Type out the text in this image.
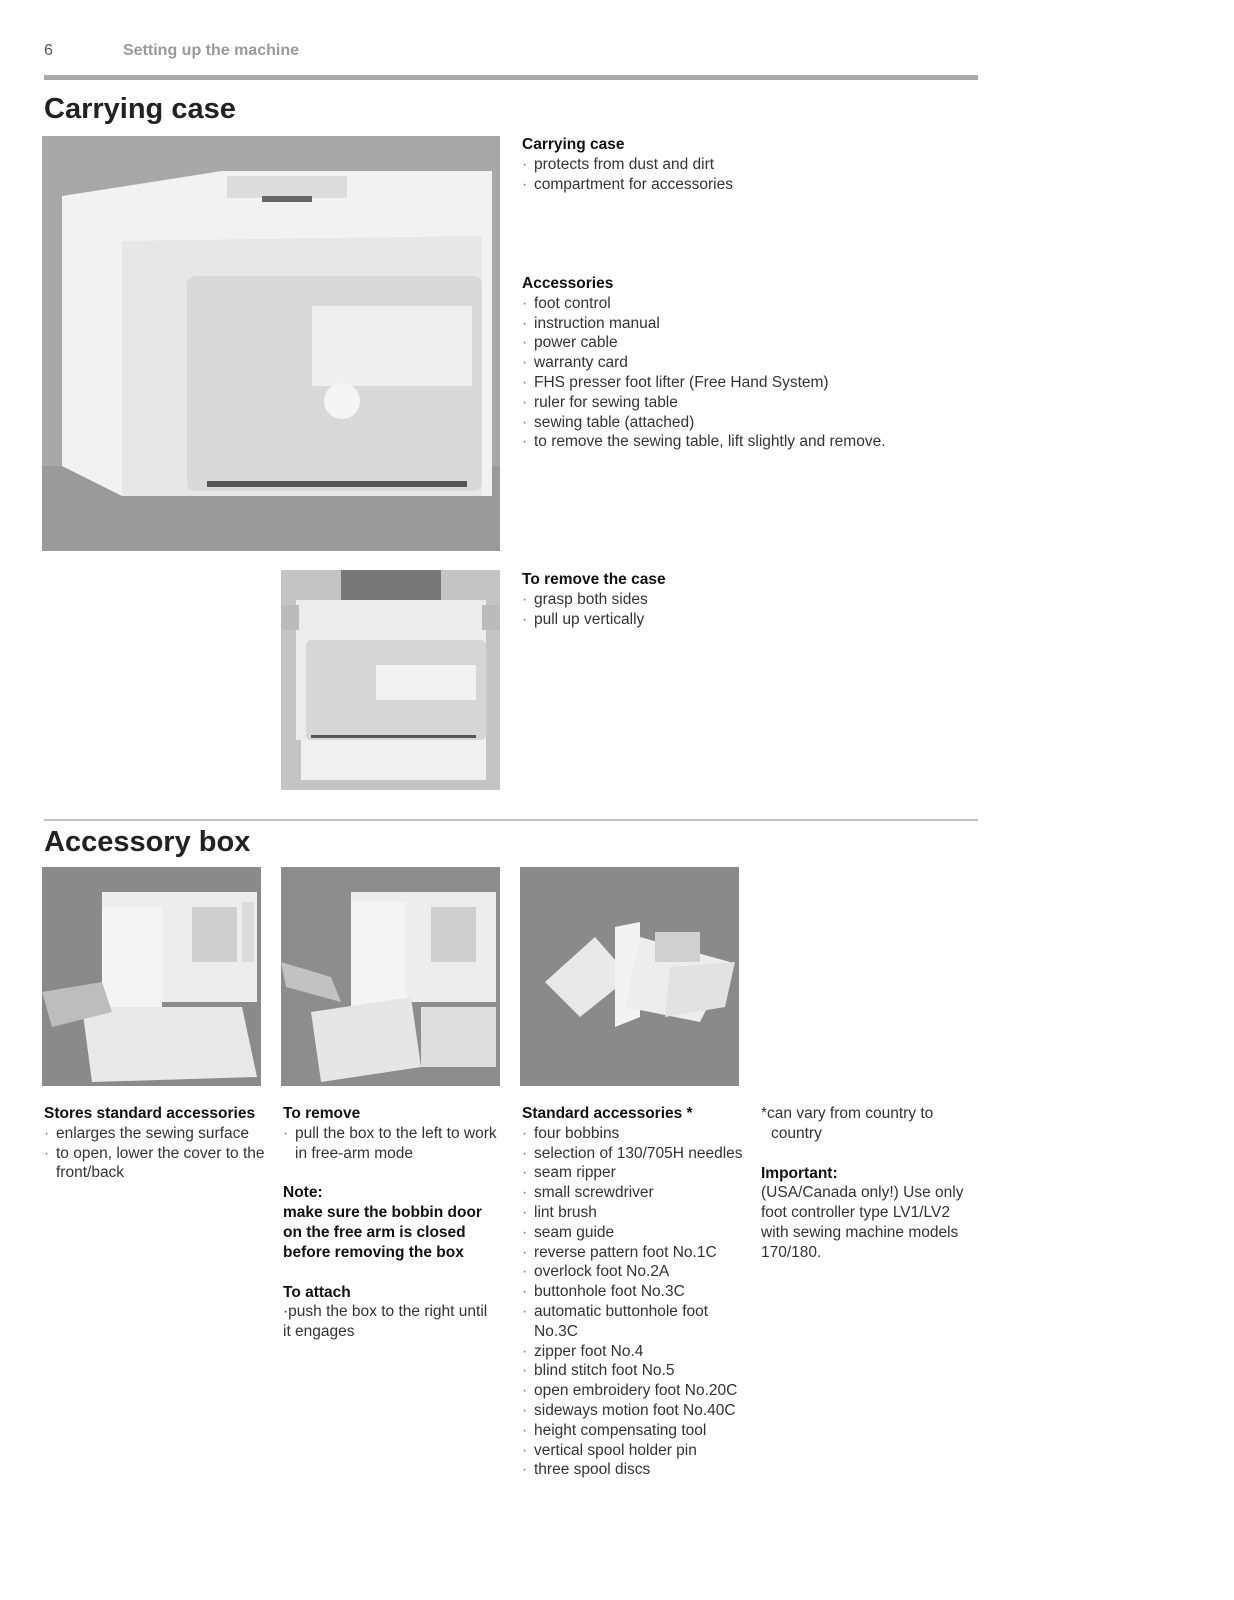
6	Setting up the machine
Carrying case
Carrying case
· protects from dust and dirt
· compartment for accessories
Accessories
· foot control
· instruction manual
· power cable
· warranty card
· FHS presser foot lifter (Free Hand System)
· ruler for sewing table
· sewing table (attached)
· to remove the sewing table, lift slightly and remove.
To remove the case
· grasp both sides
· pull up vertically
Accessory box
Stores standard accessories
· enlarges the sewing surface
· to open, lower the cover to the front/back
To remove
· pull the box to the left to work in free-arm mode
Note:
make sure the bobbin door on the free arm is closed before removing the box
To attach
·push the box to the right until it engages
Standard accessories *
· four bobbins
· selection of 130/705H needles
· seam ripper
· small screwdriver
· lint brush
· seam guide
· reverse pattern foot No.1C
· overlock foot No.2A
· buttonhole foot No.3C
· automatic buttonhole foot No.3C
· zipper foot No.4
· blind stitch foot No.5
· open embroidery foot No.20C
· sideways motion foot No.40C
· height compensating tool
· vertical spool holder pin
· three spool discs
*can vary from country to country
Important:
(USA/Canada only!) Use only foot controller type LV1/LV2 with sewing machine models 170/180.
